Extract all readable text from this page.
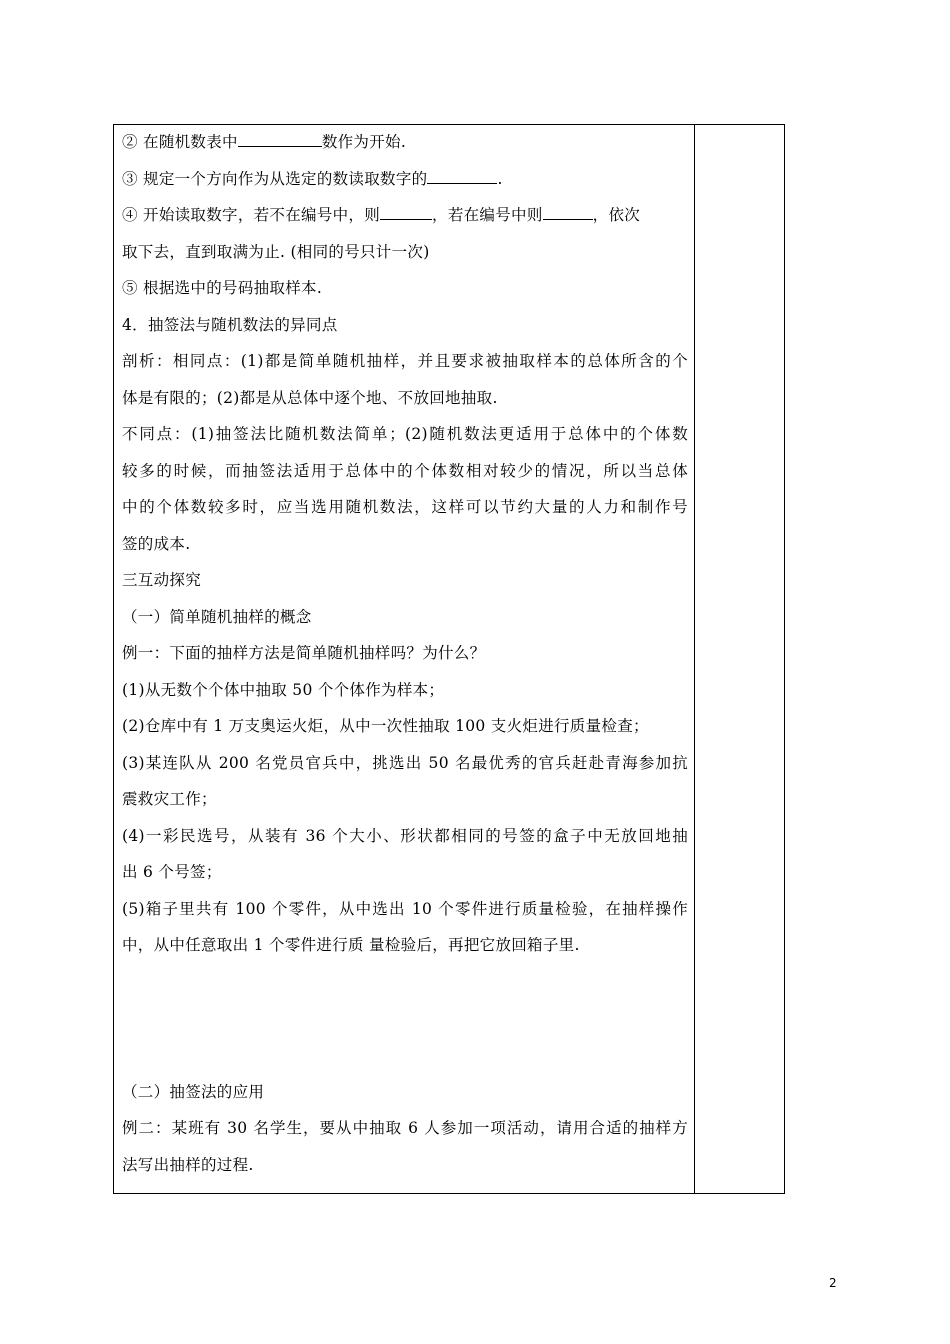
② 在随机数表中	数作为开始.
③ 规定一个方向作为从选定的数读取数字的	.
④ 开始读取数字，若不在编号中，则	，若在编号中则	，依次
取下去，直到取满为止. (相同的号只计一次)
⑤ 根据选中的号码抽取样本.
4．抽签法与随机数法的异同点
剖析：相同点：(1)都是简单随机抽样，并且要求被抽取样本的总体所含的个
体是有限的；(2)都是从总体中逐个地、不放回地抽取.
不同点：(1)抽签法比随机数法简单；(2)随机数法更适用于总体中的个体数
较多的时候，而抽签法适用于总体中的个体数相对较少的情况，所以当总体
中的个体数较多时，应当选用随机数法，这样可以节约大量的人力和制作号
签的成本.
三互动探究
（一）简单随机抽样的概念
例一：下面的抽样方法是简单随机抽样吗？为什么？
(1)从无数个个体中抽取 50 个个体作为样本；
(2)仓库中有 1 万支奥运火炬，从中一次性抽取 100 支火炬进行质量检查；
(3)某连队从 200 名党员官兵中，挑选出 50 名最优秀的官兵赶赴青海参加抗
震救灾工作；
(4)一彩民选号，从装有 36 个大小、形状都相同的号签的盒子中无放回地抽
出 6 个号签；
(5)箱子里共有 100 个零件，从中选出 10 个零件进行质量检验，在抽样操作
中，从中任意取出 1 个零件进行质 量检验后，再把它放回箱子里.
（二）抽签法的应用
例二：某班有 30 名学生，要从中抽取 6 人参加一项活动，请用合适的抽样方
法写出抽样的过程.
2
